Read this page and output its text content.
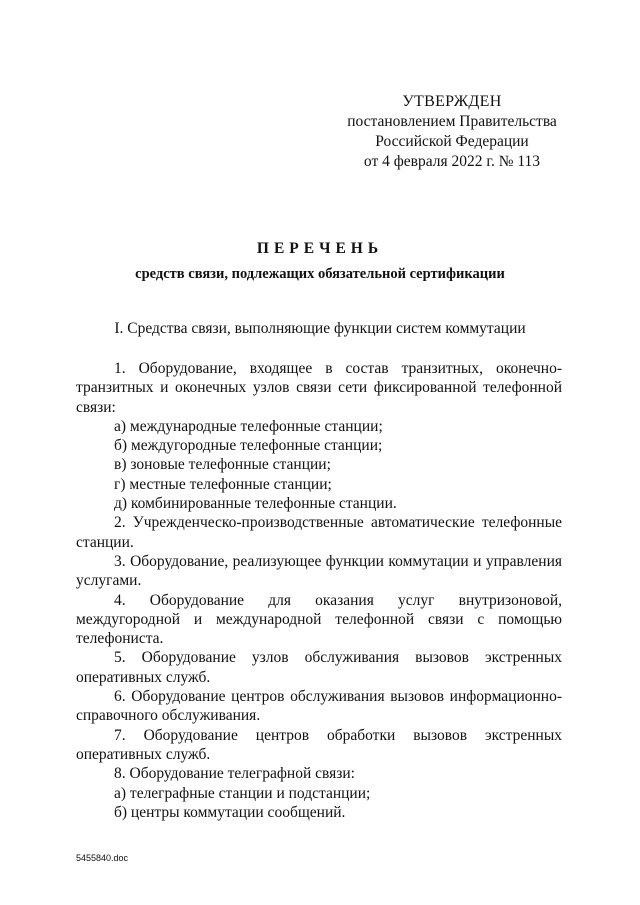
УТВЕРЖДЕН
постановлением Правительства
Российской Федерации
от 4 февраля 2022 г. № 113
ПЕРЕЧЕНЬ
средств связи, подлежащих обязательной сертификации
I. Средства связи, выполняющие функции систем коммутации

1. Оборудование, входящее в состав транзитных, оконечно-транзитных и оконечных узлов связи сети фиксированной телефонной связи:

а) международные телефонные станции;

б) междугородные телефонные станции;

в) зоновые телефонные станции;

г) местные телефонные станции;

д) комбинированные телефонные станции.

2. Учрежденческо-производственные автоматические телефонные станции.

3. Оборудование, реализующее функции коммутации и управления услугами.

4. Оборудование для оказания услуг внутризоновой, междугородной и международной телефонной связи с помощью телефониста.

5. Оборудование узлов обслуживания вызовов экстренных оперативных служб.

6. Оборудование центров обслуживания вызовов информационно-справочного обслуживания.

7. Оборудование центров обработки вызовов экстренных оперативных служб.

8. Оборудование телеграфной связи:

а) телеграфные станции и подстанции;

б) центры коммутации сообщений.

5455840.doc
